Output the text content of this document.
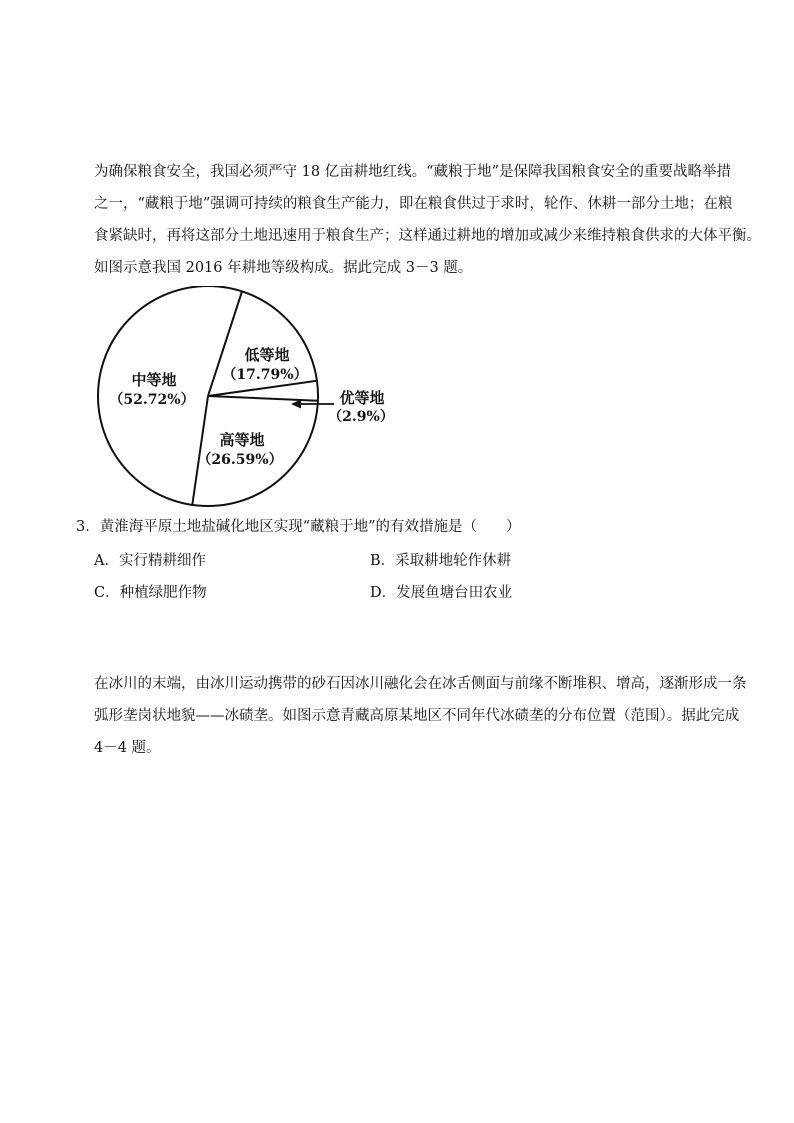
为确保粮食安全，我国必须严守 18 亿亩耕地红线。“藏粮于地”是保障我国粮食安全的重要战略举措
之一，“藏粮于地”强调可持续的粮食生产能力，即在粮食供过于求时，轮作、休耕一部分土地；在粮
食紧缺时，再将这部分土地迅速用于粮食生产；这样通过耕地的增加或减少来维持粮食供求的大体平衡。
如图示意我国 2016 年耕地等级构成。据此完成 3－3 题。
低等地
（17.79%）
中等地
（52.72%）
高等地
（26.59%）
优等地
（2.9%）
3．黄淮海平原土地盐碱化地区实现“藏粮于地”的有效措施是（　　）
A．实行精耕细作	B．采取耕地轮作休耕
C．种植绿肥作物	D．发展鱼塘台田农业
在冰川的末端，由冰川运动携带的砂石因冰川融化会在冰舌侧面与前缘不断堆积、增高，逐渐形成一条
弧形垄岗状地貌——冰碛垄。如图示意青藏高原某地区不同年代冰碛垄的分布位置（范围）。据此完成
4－4 题。
